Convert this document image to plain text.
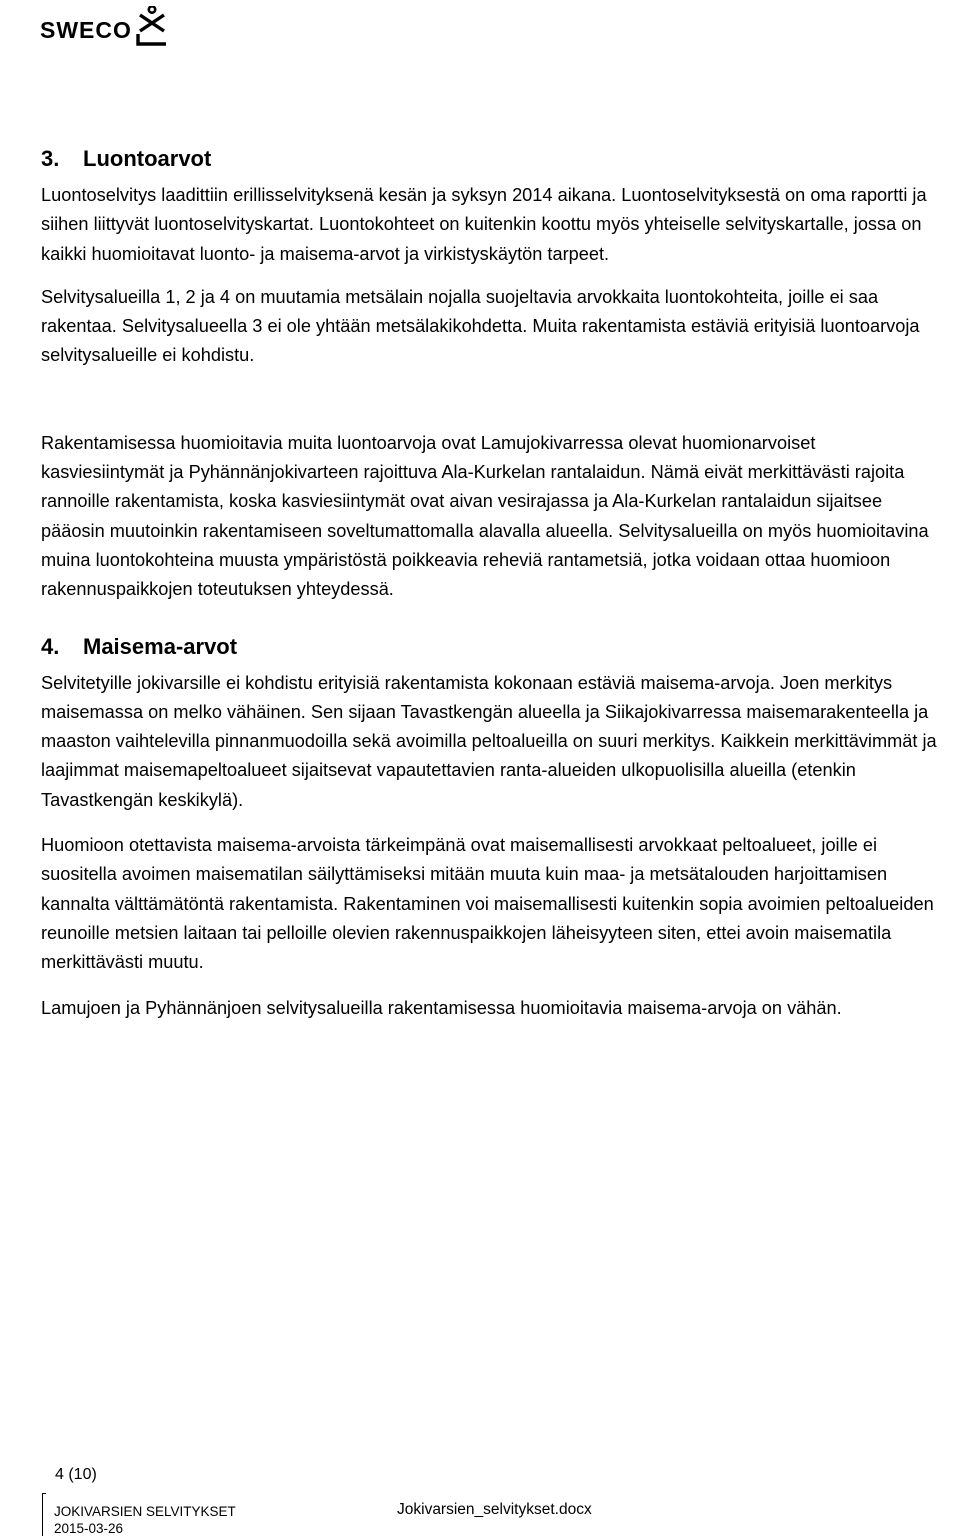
SWECO
3.	Luontoarvot

Luontoselvitys laadittiin erillisselvityksenä kesän ja syksyn 2014 aikana. Luontoselvityksestä on oma raportti ja siihen liittyvät luontoselvityskartat. Luontokohteet on kuitenkin koottu myös yhteiselle selvityskartalle, jossa on kaikki huomioitavat luonto- ja maisema-arvot ja virkistyskäytön tarpeet.

Selvitysalueilla 1, 2 ja 4 on muutamia metsälain nojalla suojeltavia arvokkaita luontokohteita, joille ei saa rakentaa. Selvitysalueella 3 ei ole yhtään metsälakikohdetta. Muita rakentamista estäviä erityisiä luontoarvoja selvitysalueille ei kohdistu.

Rakentamisessa huomioitavia muita luontoarvoja ovat Lamujokivarressa olevat huomionarvoiset kasviesiintymät ja Pyhännänjokivarteen rajoittuva Ala-Kurkelan rantalaidun. Nämä eivät merkittävästi rajoita rannoille rakentamista, koska kasviesiintymät ovat aivan vesirajassa ja Ala-Kurkelan rantalaidun sijaitsee pääosin muutoinkin rakentamiseen soveltumattomalla alavalla alueella. Selvitysalueilla on myös huomioitavina muina luontokohteina muusta ympäristöstä poikkeavia reheviä rantametsiä, jotka voidaan ottaa huomioon rakennuspaikkojen toteutuksen yhteydessä.

4.	Maisema-arvot

Selvitetyille jokivarsille ei kohdistu erityisiä rakentamista kokonaan estäviä maisema-arvoja. Joen merkitys maisemassa on melko vähäinen. Sen sijaan Tavastkengän alueella ja Siikajokivarressa maisemarakenteella ja maaston vaihtelevilla pinnanmuodoilla sekä avoimilla peltoalueilla on suuri merkitys. Kaikkein merkittävimmät ja laajimmat maisemapeltoalueet sijaitsevat vapautettavien ranta-alueiden ulkopuolisilla alueilla (etenkin Tavastkengän keskikylä).

Huomioon otettavista maisema-arvoista tärkeimpänä ovat maisemallisesti arvokkaat peltoalueet, joille ei suositella avoimen maisematilan säilyttämiseksi mitään muuta kuin maa- ja metsätalouden harjoittamisen kannalta välttämätöntä rakentamista. Rakentaminen voi maisemallisesti kuitenkin sopia avoimien peltoalueiden reunoille metsien laitaan tai pelloille olevien rakennuspaikkojen läheisyyteen siten, ettei avoin maisematila merkittävästi muutu.

Lamujoen ja Pyhännänjoen selvitysalueilla rakentamisessa huomioitavia maisema-arvoja on vähän.

4 (10)
JOKIVARSIEN SELVITYKSET
2015-03-26
Jokivarsien_selvitykset.docx
